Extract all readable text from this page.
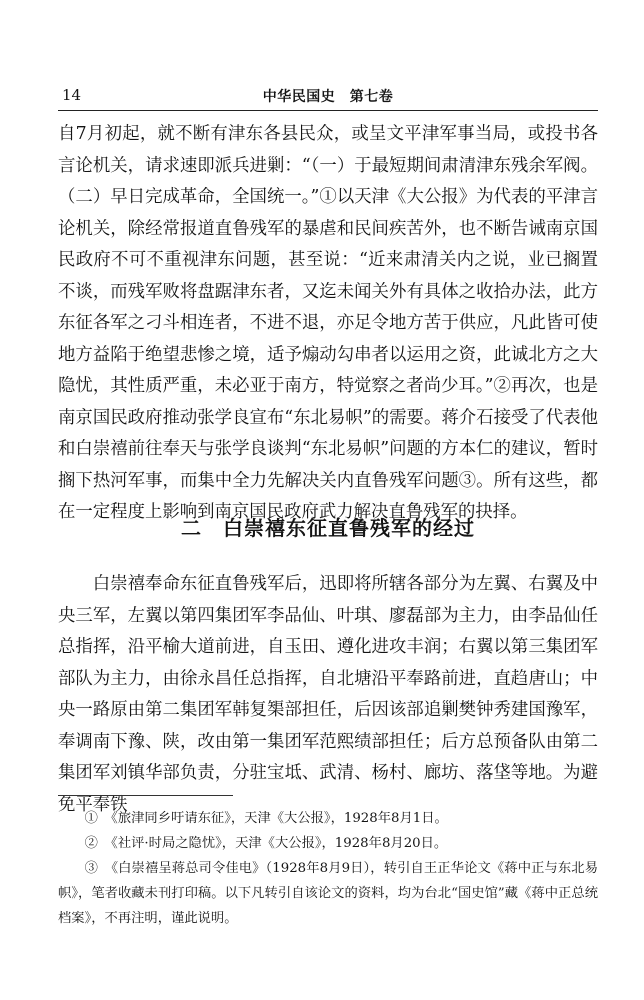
14	中华民国史　第七卷

自7月初起，就不断有津东各县民众，或呈文平津军事当局，或投书各言论机关，请求速即派兵进剿：“（一）于最短期间肃清津东残余军阀。（二）早日完成革命，全国统一。”①以天津《大公报》为代表的平津言论机关，除经常报道直鲁残军的暴虐和民间疾苦外，也不断告诫南京国民政府不可不重视津东问题，甚至说：“近来肃清关内之说，业已搁置不谈，而残军败将盘踞津东者，又迄未闻关外有具体之收拾办法，此方东征各军之刁斗相连者，不进不退，亦足令地方苦于供应，凡此皆可使地方益陷于绝望悲惨之境，适予煽动勾串者以运用之资，此诚北方之大隐忧，其性质严重，未必亚于南方，特觉察之者尚少耳。”②再次，也是南京国民政府推动张学良宣布“东北易帜”的需要。蒋介石接受了代表他和白崇禧前往奉天与张学良谈判“东北易帜”问题的方本仁的建议，暂时搁下热河军事，而集中全力先解决关内直鲁残军问题③。所有这些，都在一定程度上影响到南京国民政府武力解决直鲁残军的抉择。

二　白崇禧东征直鲁残军的经过

白崇禧奉命东征直鲁残军后，迅即将所辖各部分为左翼、右翼及中央三军，左翼以第四集团军李品仙、叶琪、廖磊部为主力，由李品仙任总指挥，沿平榆大道前进，自玉田、遵化进攻丰润；右翼以第三集团军部队为主力，由徐永昌任总指挥，自北塘沿平奉路前进，直趋唐山；中央一路原由第二集团军韩复榘部担任，后因该部追剿樊钟秀建国豫军，奉调南下豫、陕，改由第一集团军范熙绩部担任；后方总预备队由第二集团军刘镇华部负责，分驻宝坻、武清、杨村、廊坊、落垡等地。为避免平奉铁

①　《旅津同乡吁请东征》，天津《大公报》，1928年8月1日。

②　《社评·时局之隐忧》，天津《大公报》，1928年8月20日。

③　《白崇禧呈蒋总司令佳电》（1928年8月9日），转引自王正华论文《蒋中正与东北易帜》，笔者收藏未刊打印稿。以下凡转引自该论文的资料，均为台北“国史馆”藏《蒋中正总统档案》，不再注明，谨此说明。
